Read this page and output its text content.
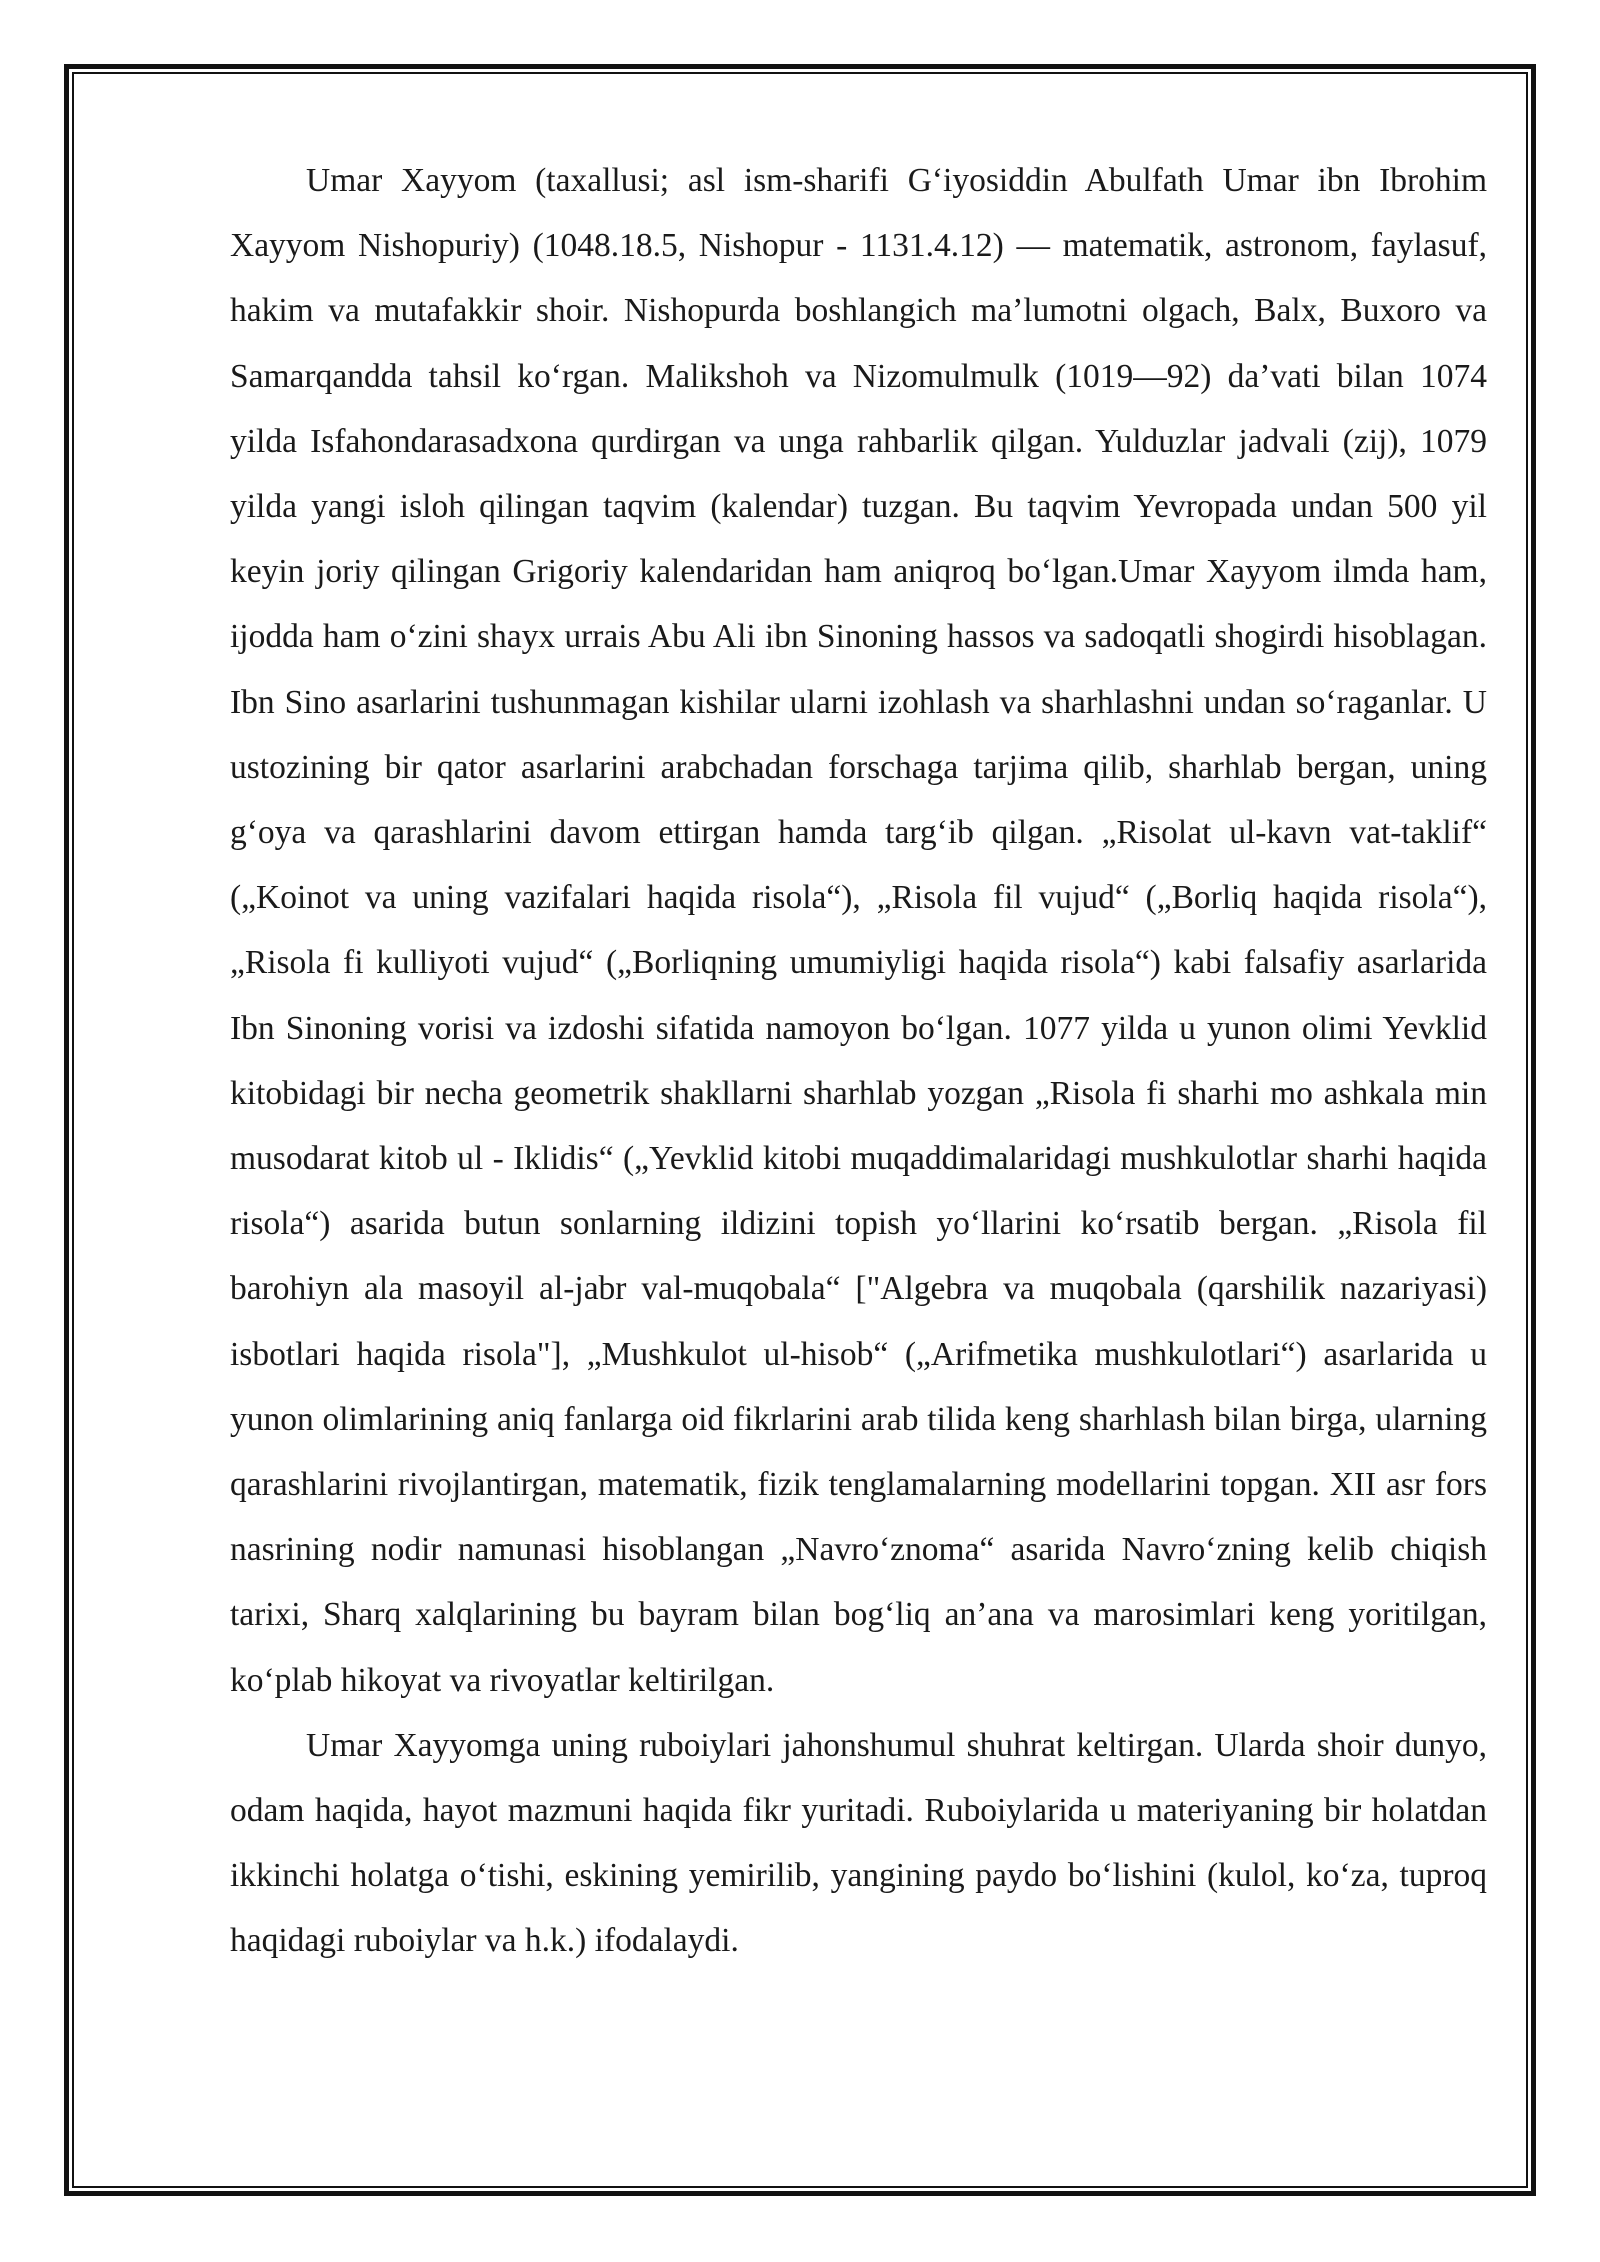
Umar Xayyom (taxallusi; asl ism-sharifi G‘iyosiddin Abulfath Umar ibn Ibrohim Xayyom Nishopuriy) (1048.18.5, Nishopur - 1131.4.12) — matematik, astronom, faylasuf, hakim va mutafakkir shoir. Nishopurda boshlangich ma’lumotni olgach, Balx, Buxoro va Samarqandda tahsil ko‘rgan. Malikshoh va Nizomulmulk (1019—92) da’vati bilan 1074 yilda Isfahondarasadxona qurdirgan va unga rahbarlik qilgan. Yulduzlar jadvali (zij), 1079 yilda yangi isloh qilingan taqvim (kalendar) tuzgan. Bu taqvim Yevropada undan 500 yil keyin joriy qilingan Grigoriy kalendaridan ham aniqroq bo‘lgan.Umar Xayyom ilmda ham, ijodda ham o‘zini shayx urrais Abu Ali ibn Sinoning hassos va sadoqatli shogirdi hisoblagan. Ibn Sino asarlarini tushunmagan kishilar ularni izohlash va sharhlashni undan so‘raganlar. U ustozining bir qator asarlarini arabchadan forschaga tarjima qilib, sharhlab bergan, uning g‘oya va qarashlarini davom ettirgan hamda targ‘ib qilgan. „Risolat ul-kavn vat-taklif“ („Koinot va uning vazifalari haqida risola“), „Risola fil vujud“ („Borliq haqida risola“), „Risola fi kulliyoti vujud“ („Borliqning umumiyligi haqida risola“) kabi falsafiy asarlarida Ibn Sinoning vorisi va izdoshi sifatida namoyon bo‘lgan. 1077 yilda u yunon olimi Yevklid kitobidagi bir necha geometrik shakllarni sharhlab yozgan „Risola fi sharhi mo ashkala min musodarat kitob ul - Iklidis“ („Yevklid kitobi muqaddimalaridagi mushkulotlar sharhi haqida risola“) asarida butun sonlarning ildizini topish yo‘llarini ko‘rsatib bergan. „Risola fil barohiyn ala masoyil al-jabr val-muqobala“ ["Algebra va muqobala (qarshilik nazariyasi) isbotlari haqida risola"], „Mushkulot ul-hisob“ („Arifmetika mushkulotlari“) asarlarida u yunon olimlarining aniq fanlarga oid fikrlarini arab tilida keng sharhlash bilan birga, ularning qarashlarini rivojlantirgan, matematik, fizik tenglamalarning modellarini topgan. XII asr fors nasrining nodir namunasi hisoblangan „Navro‘znoma“ asarida Navro‘zning kelib chiqish tarixi, Sharq xalqlarining bu bayram bilan bog‘liq an’ana va marosimlari keng yoritilgan, ko‘plab hikoyat va rivoyatlar keltirilgan.

Umar Xayyomga uning ruboiylari jahonshumul shuhrat keltirgan. Ularda shoir dunyo, odam haqida, hayot mazmuni haqida fikr yuritadi. Ruboiylarida u materiyaning bir holatdan ikkinchi holatga o‘tishi, eskining yemirilib, yangining paydo bo‘lishini (kulol, ko‘za, tuproq haqidagi ruboiylar va h.k.) ifodalaydi.
